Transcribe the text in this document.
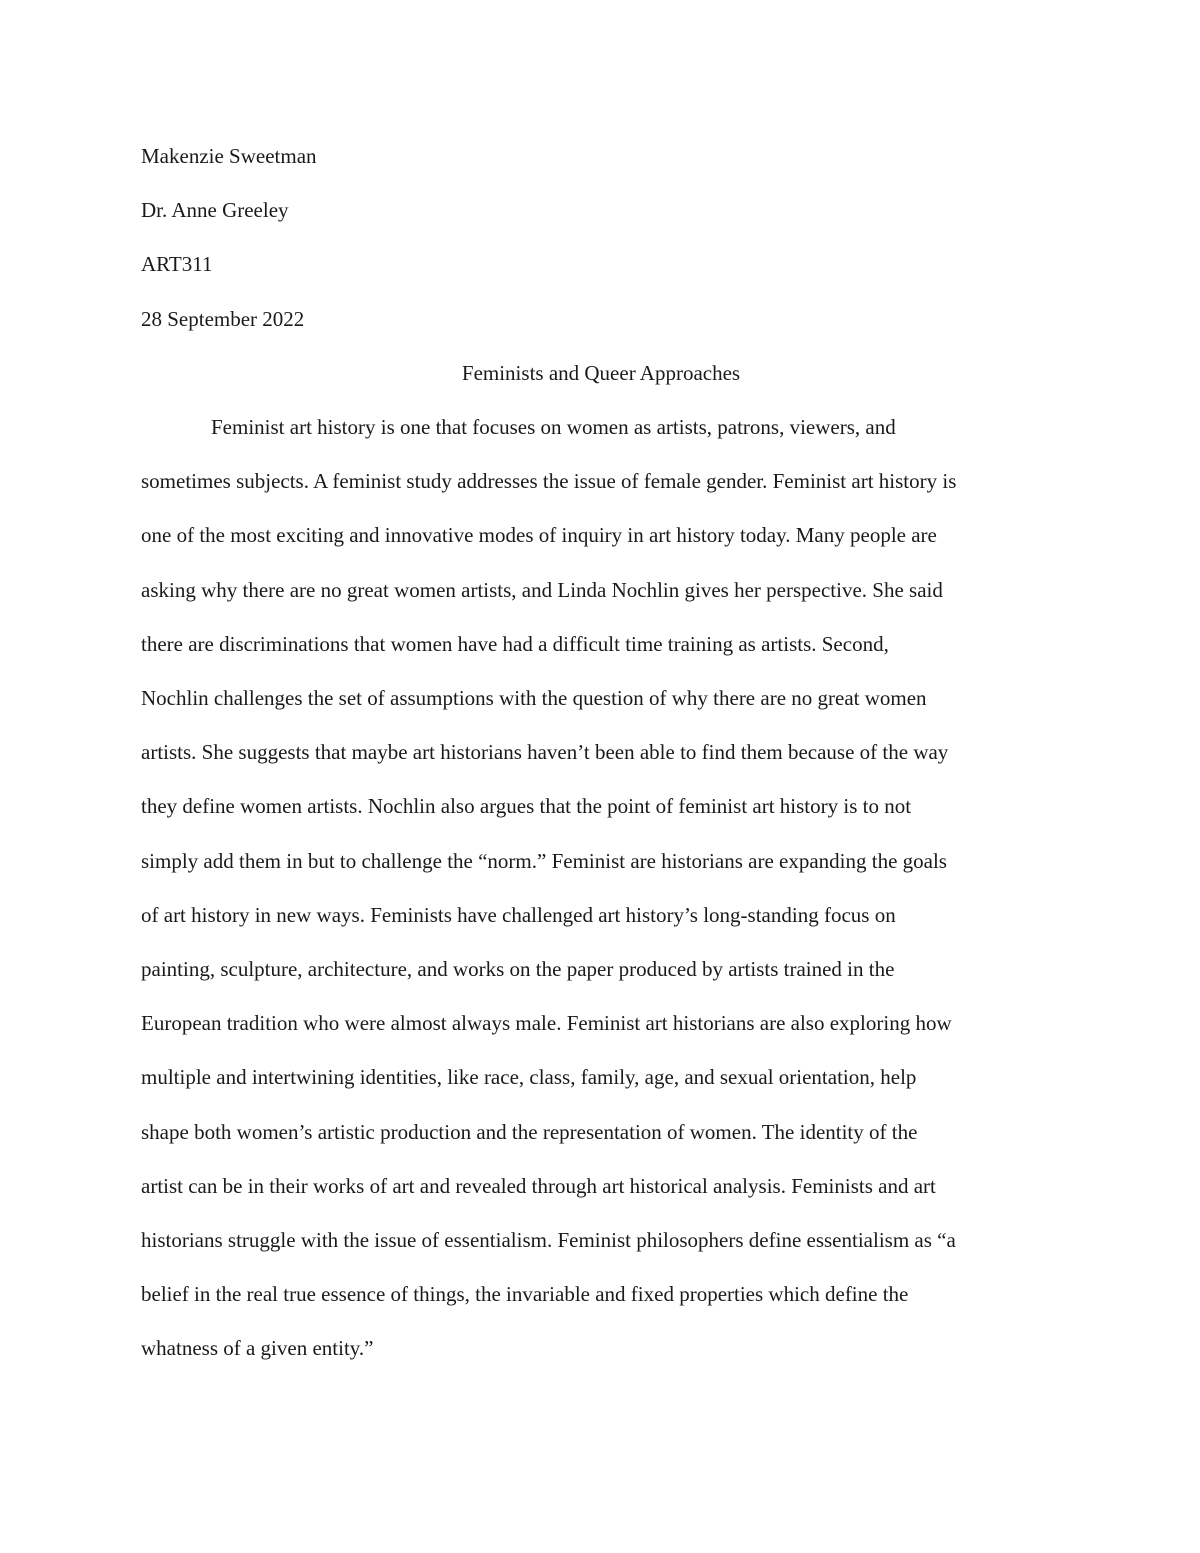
Makenzie Sweetman
Dr. Anne Greeley
ART311
28 September 2022
Feminists and Queer Approaches
Feminist art history is one that focuses on women as artists, patrons, viewers, and
sometimes subjects. A feminist study addresses the issue of female gender. Feminist art history is
one of the most exciting and innovative modes of inquiry in art history today. Many people are
asking why there are no great women artists, and Linda Nochlin gives her perspective. She said
there are discriminations that women have had a difficult time training as artists. Second,
Nochlin challenges the set of assumptions with the question of why there are no great women
artists. She suggests that maybe art historians haven’t been able to find them because of the way
they define women artists. Nochlin also argues that the point of feminist art history is to not
simply add them in but to challenge the “norm.” Feminist are historians are expanding the goals
of art history in new ways. Feminists have challenged art history’s long-standing focus on
painting, sculpture, architecture, and works on the paper produced by artists trained in the
European tradition who were almost always male. Feminist art historians are also exploring how
multiple and intertwining identities, like race, class, family, age, and sexual orientation, help
shape both women’s artistic production and the representation of women. The identity of the
artist can be in their works of art and revealed through art historical analysis. Feminists and art
historians struggle with the issue of essentialism. Feminist philosophers define essentialism as “a
belief in the real true essence of things, the invariable and fixed properties which define the
whatness of a given entity.”
